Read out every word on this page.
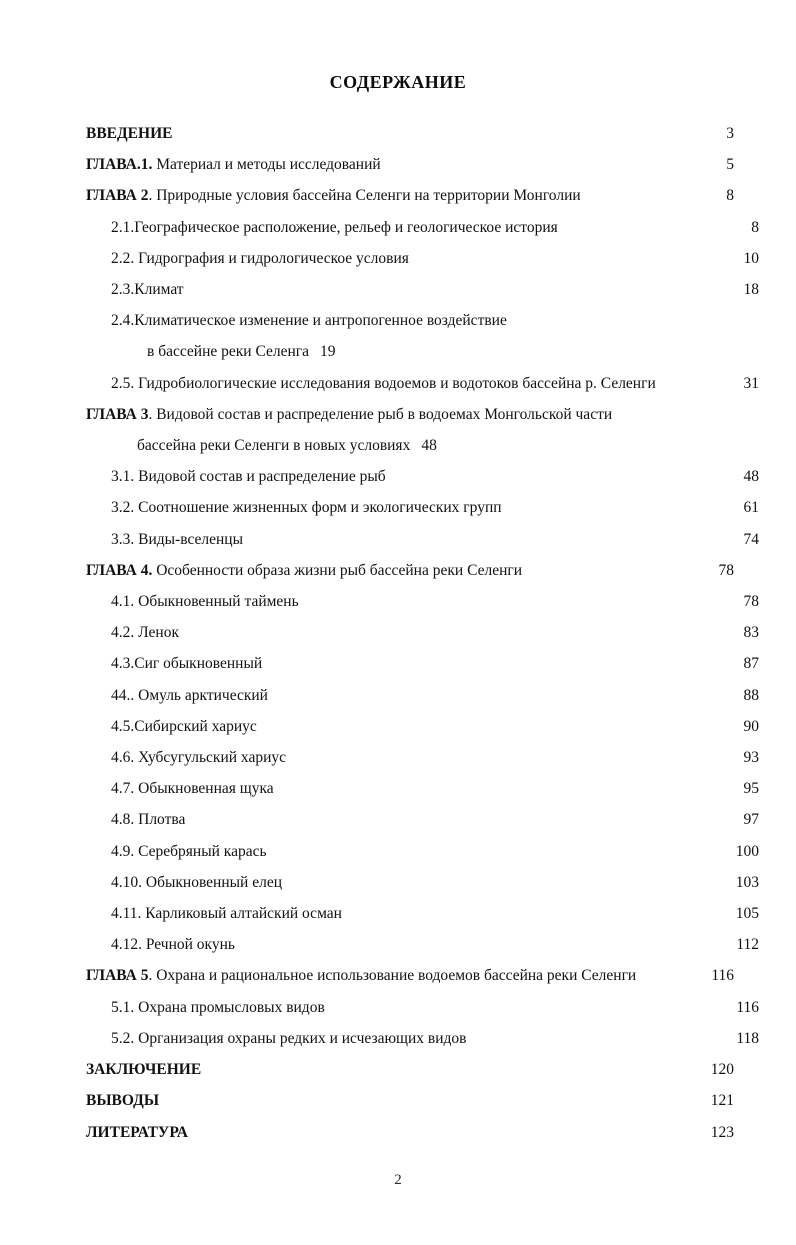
СОДЕРЖАНИЕ
ВВЕДЕНИЕ .....	3
ГЛАВА.1. Материал и методы исследований .....	5
ГЛАВА 2. Природные условия бассейна Селенги на территории Монголии .....	8
2.1.Географическое расположение, рельеф и геологическое история .....	8
2.2. Гидрография и гидрологическое условия .....	10
2.3.Климат .....	18
2.4.Климатическое изменение и антропогенное воздействие
в бассейне реки Селенга 19
2.5. Гидробиологические исследования водоемов и водотоков бассейна р. Селенги .....	31
ГЛАВА 3. Видовой состав и распределение рыб в водоемах Монгольской части
бассейна реки Селенги в новых условиях 48
3.1. Видовой состав и распределение рыб .....	48
3.2. Соотношение жизненных форм и экологических групп .....	61
3.3. Виды-вселенцы .....	74
ГЛАВА 4. Особенности образа жизни рыб бассейна реки Селенги .....	78
4.1. Обыкновенный таймень .....	78
4.2. Ленок .....	83
4.3.Сиг обыкновенный .....	87
44.. Омуль арктический .....	88
4.5.Сибирский хариус .....	90
4.6. Хубсугульский хариус .....	93
4.7. Обыкновенная щука .....	95
4.8. Плотва .....	97
4.9. Серебряный карась .....	100
4.10. Обыкновенный елец .....	103
4.11. Карликовый алтайский осман .....	105
4.12. Речной окунь .....	112
ГЛАВА 5. Охрана и рациональное использование водоемов бассейна реки Селенги .....	116
5.1. Охрана промысловых видов .....	116
5.2. Организация охраны редких и исчезающих видов .....	118
ЗАКЛЮЧЕНИЕ .....	120
ВЫВОДЫ .....	121
ЛИТЕРАТУРА .....	123
2
